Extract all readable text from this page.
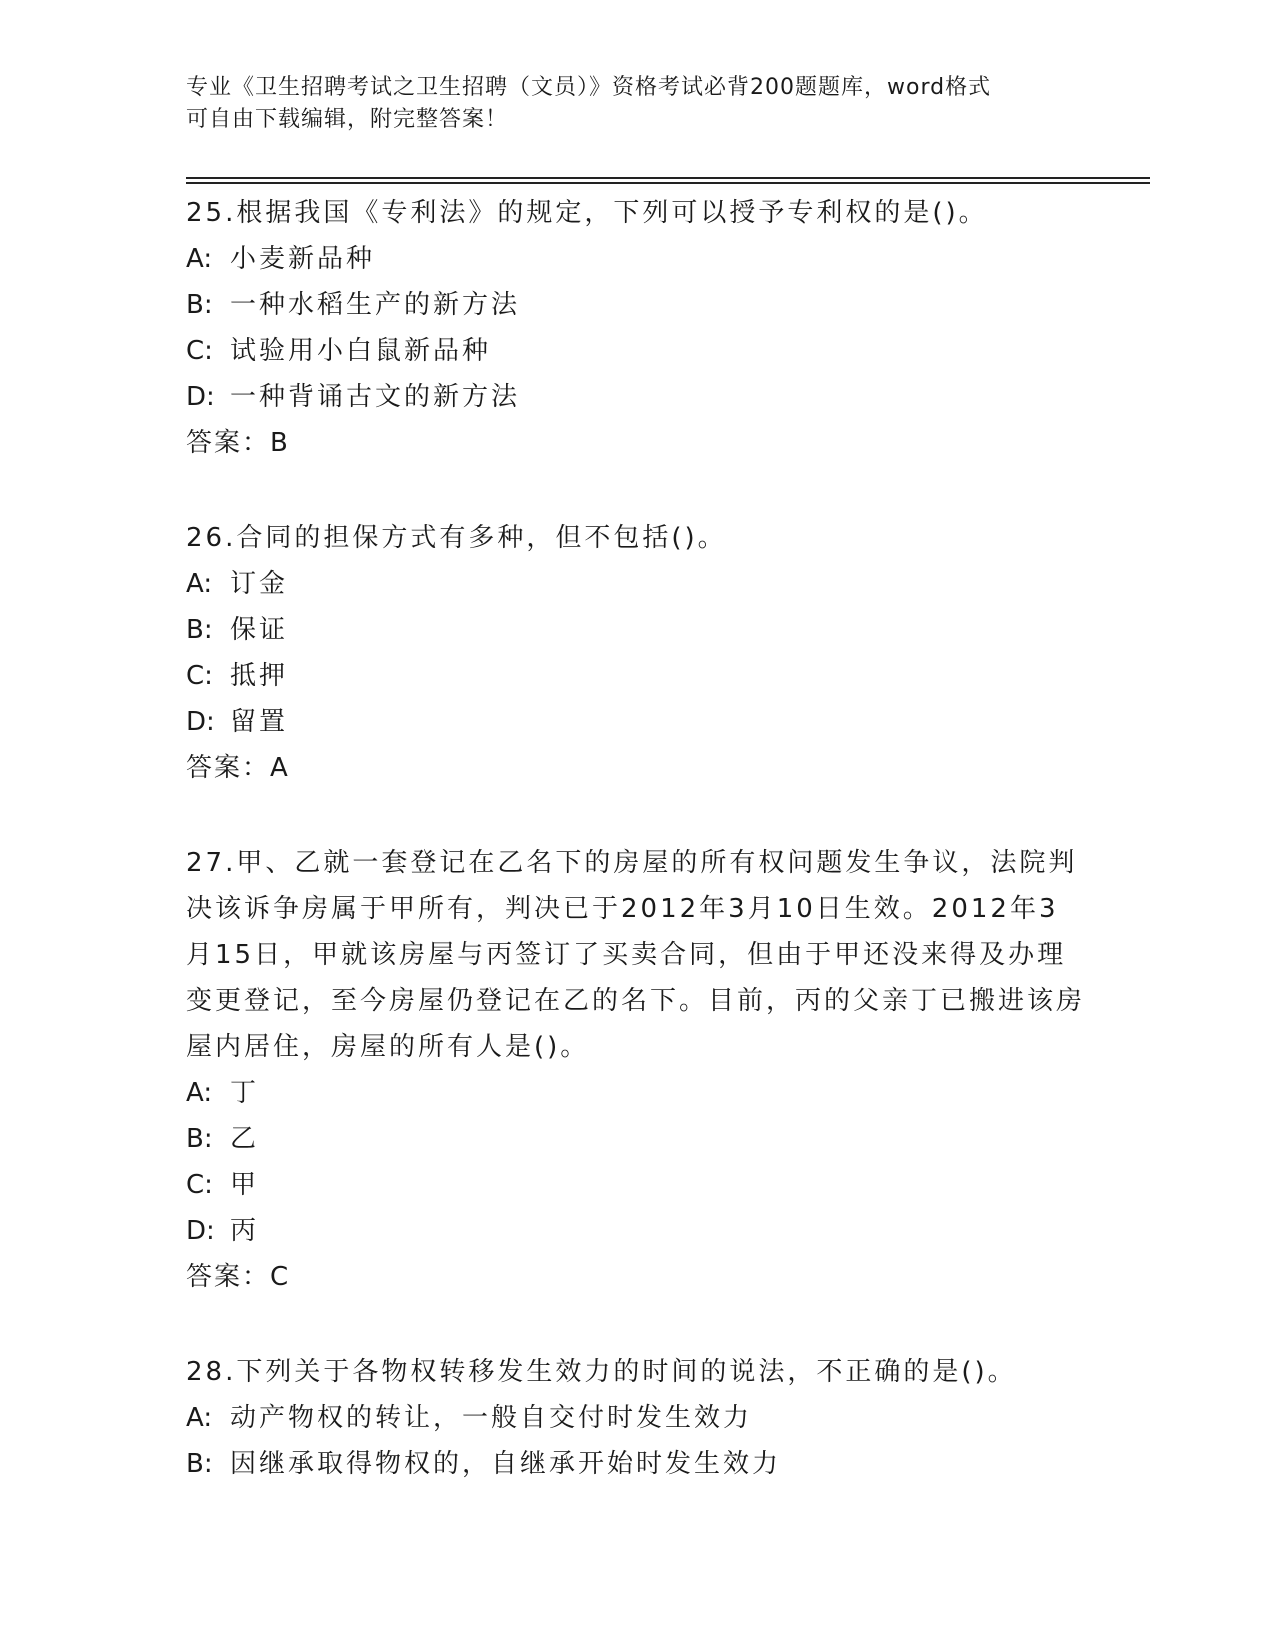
专业《卫生招聘考试之卫生招聘（文员）》资格考试必背200题题库，word格式
可自由下载编辑，附完整答案！

25.根据我国《专利法》的规定，下列可以授予专利权的是()。

A: 小麦新品种

B: 一种水稻生产的新方法

C: 试验用小白鼠新品种

D: 一种背诵古文的新方法

答案：B

26.合同的担保方式有多种，但不包括()。

A: 订金

B: 保证

C: 抵押

D: 留置

答案：A

27.甲、乙就一套登记在乙名下的房屋的所有权问题发生争议，法院判决该诉争房属于甲所有，判决已于2012年3月10日生效。2012年3月15日，甲就该房屋与丙签订了买卖合同，但由于甲还没来得及办理变更登记，至今房屋仍登记在乙的名下。目前，丙的父亲丁已搬进该房屋内居住，房屋的所有人是()。

A: 丁

B: 乙

C: 甲

D: 丙

答案：C

28.下列关于各物权转移发生效力的时间的说法，不正确的是()。

A: 动产物权的转让，一般自交付时发生效力

B: 因继承取得物权的，自继承开始时发生效力
